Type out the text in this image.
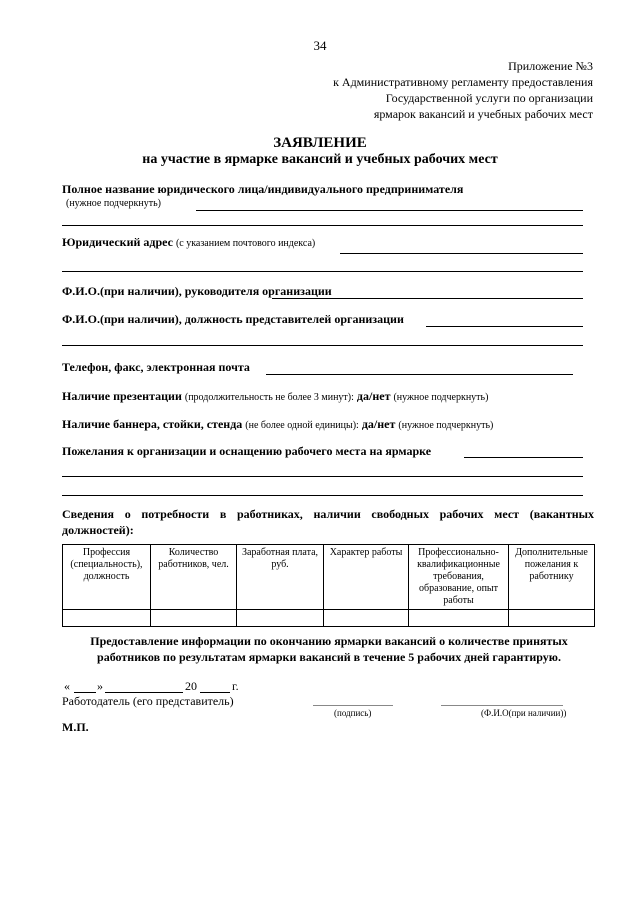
34
Приложение №3
к Административному регламенту предоставления
Государственной услуги по организации
ярмарок вакансий и учебных рабочих мест
ЗАЯВЛЕНИЕ
на участие в ярмарке вакансий и учебных рабочих мест
Полное название юридического лица/индивидуального предпринимателя
(нужное подчеркнуть)
Юридический адрес (с указанием почтового индекса)
Ф.И.О.(при наличии), руководителя организации
Ф.И.О.(при наличии), должность представителей организации
Телефон, факс, электронная почта
Наличие презентации (продолжительность не более 3 минут): да/нет (нужное подчеркнуть)
Наличие баннера, стойки, стенда (не более одной единицы): да/нет (нужное подчеркнуть)
Пожелания к организации и оснащению рабочего места на ярмарке
Сведения о потребности в работниках, наличии свободных рабочих мест (вакантных должностей):
Профессия (специальность), должность	Количество работников, чел.	Заработная плата, руб.	Характер работы	Профессионально-квалификационные требования, образование, опыт работы	Дополнительные пожелания к работнику

Предоставление информации по окончанию ярмарки вакансий о количестве принятых работников по результатам ярмарки вакансий в течение 5 рабочих дней гарантирую.
« »	20	г.
Работодатель (его представитель)
(подпись)	(Ф.И.О(при наличии))
М.П.
